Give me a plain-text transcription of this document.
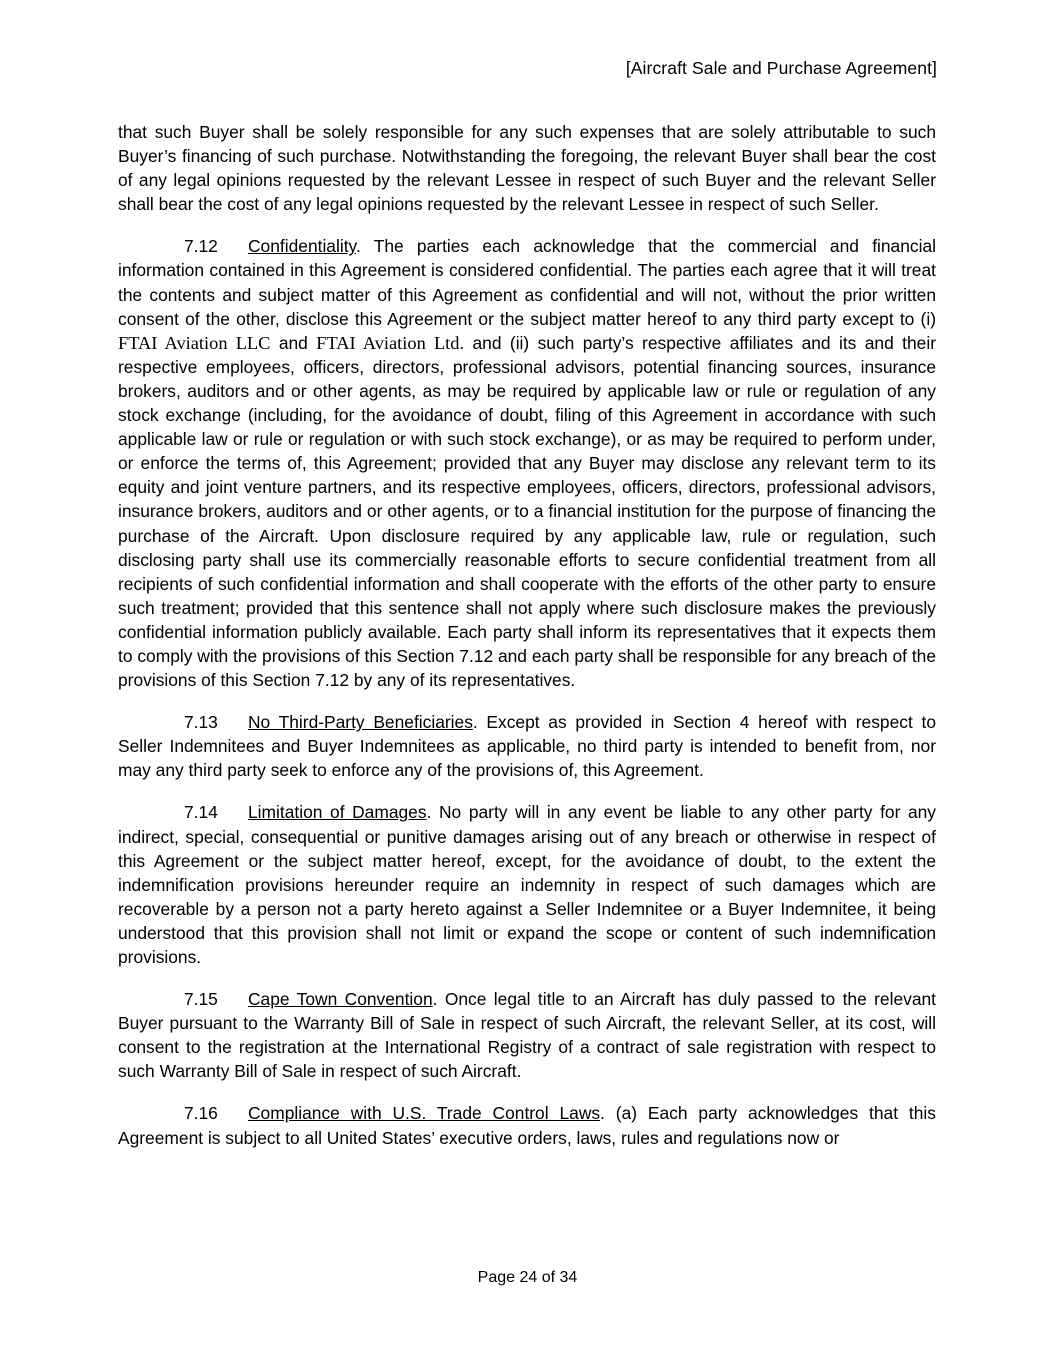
[Aircraft Sale and Purchase Agreement]

that such Buyer shall be solely responsible for any such expenses that are solely attributable to such Buyer’s financing of such purchase. Notwithstanding the foregoing, the relevant Buyer shall bear the cost of any legal opinions requested by the relevant Lessee in respect of such Buyer and the relevant Seller shall bear the cost of any legal opinions requested by the relevant Lessee in respect of such Seller.

7.12 Confidentiality. The parties each acknowledge that the commercial and financial information contained in this Agreement is considered confidential. The parties each agree that it will treat the contents and subject matter of this Agreement as confidential and will not, without the prior written consent of the other, disclose this Agreement or the subject matter hereof to any third party except to (i) FTAI Aviation LLC and FTAI Aviation Ltd. and (ii) such party’s respective affiliates and its and their respective employees, officers, directors, professional advisors, potential financing sources, insurance brokers, auditors and or other agents, as may be required by applicable law or rule or regulation of any stock exchange (including, for the avoidance of doubt, filing of this Agreement in accordance with such applicable law or rule or regulation or with such stock exchange), or as may be required to perform under, or enforce the terms of, this Agreement; provided that any Buyer may disclose any relevant term to its equity and joint venture partners, and its respective employees, officers, directors, professional advisors, insurance brokers, auditors and or other agents, or to a financial institution for the purpose of financing the purchase of the Aircraft. Upon disclosure required by any applicable law, rule or regulation, such disclosing party shall use its commercially reasonable efforts to secure confidential treatment from all recipients of such confidential information and shall cooperate with the efforts of the other party to ensure such treatment; provided that this sentence shall not apply where such disclosure makes the previously confidential information publicly available. Each party shall inform its representatives that it expects them to comply with the provisions of this Section 7.12 and each party shall be responsible for any breach of the provisions of this Section 7.12 by any of its representatives.

7.13 No Third-Party Beneficiaries. Except as provided in Section 4 hereof with respect to Seller Indemnitees and Buyer Indemnitees as applicable, no third party is intended to benefit from, nor may any third party seek to enforce any of the provisions of, this Agreement.

7.14 Limitation of Damages. No party will in any event be liable to any other party for any indirect, special, consequential or punitive damages arising out of any breach or otherwise in respect of this Agreement or the subject matter hereof, except, for the avoidance of doubt, to the extent the indemnification provisions hereunder require an indemnity in respect of such damages which are recoverable by a person not a party hereto against a Seller Indemnitee or a Buyer Indemnitee, it being understood that this provision shall not limit or expand the scope or content of such indemnification provisions.

7.15 Cape Town Convention. Once legal title to an Aircraft has duly passed to the relevant Buyer pursuant to the Warranty Bill of Sale in respect of such Aircraft, the relevant Seller, at its cost, will consent to the registration at the International Registry of a contract of sale registration with respect to such Warranty Bill of Sale in respect of such Aircraft.

7.16 Compliance with U.S. Trade Control Laws. (a) Each party acknowledges that this Agreement is subject to all United States’ executive orders, laws, rules and regulations now or

Page 24 of 34
